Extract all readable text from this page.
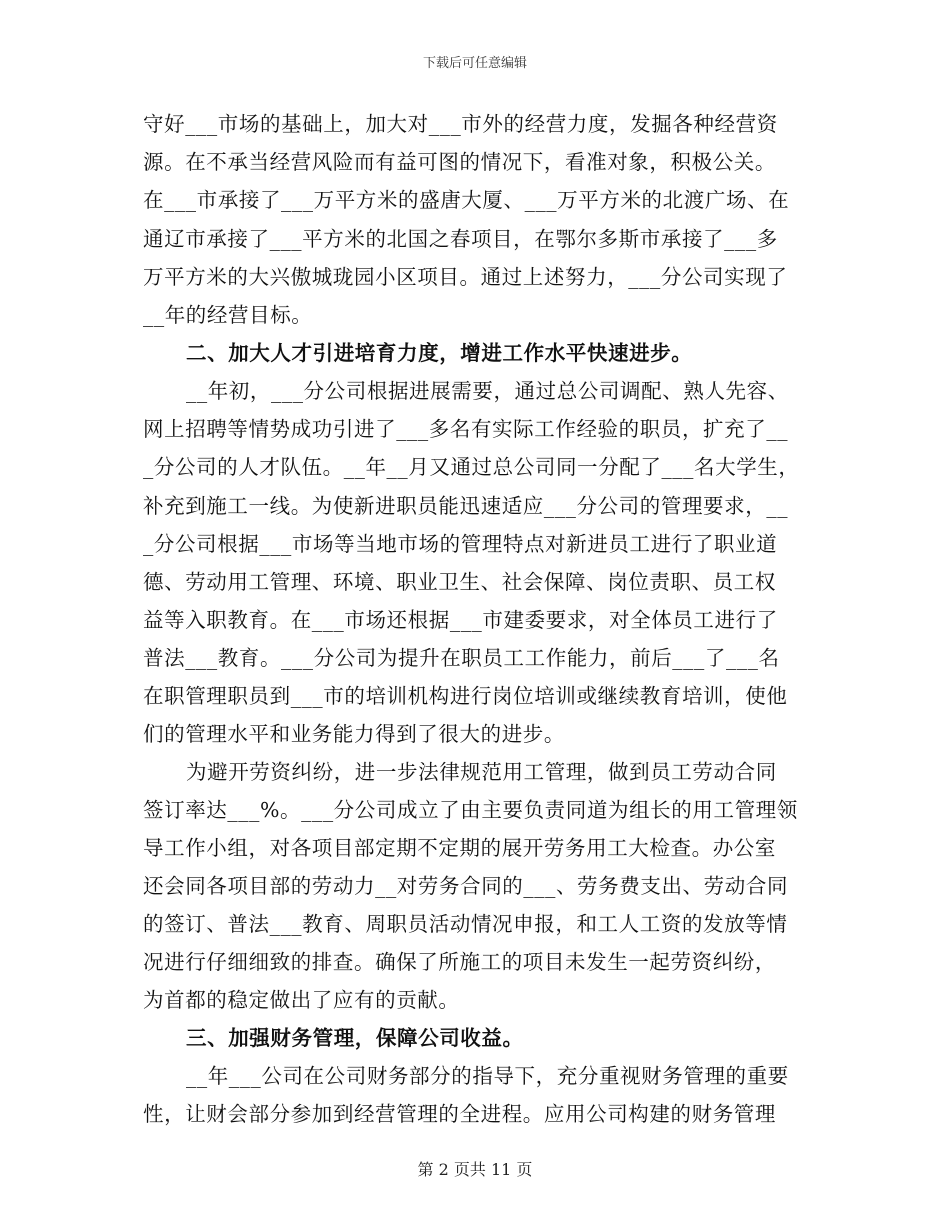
下载后可任意编辑
守好___市场的基础上，加大对___市外的经营力度，发掘各种经营资
源。在不承当经营风险而有益可图的情况下，看准对象，积极公关。
在___市承接了___万平方米的盛唐大厦、___万平方米的北渡广场、在
通辽市承接了___平方米的北国之春项目，在鄂尔多斯市承接了___多
万平方米的大兴傲城珑园小区项目。通过上述努力，___分公司实现了
__年的经营目标。
二、加大人才引进培育力度，增进工作水平快速进步。
__年初，___分公司根据进展需要，通过总公司调配、熟人先容、
网上招聘等情势成功引进了___多名有实际工作经验的职员，扩充了__
_分公司的人才队伍。__年__月又通过总公司同一分配了___名大学生，
补充到施工一线。为使新进职员能迅速适应___分公司的管理要求，__
_分公司根据___市场等当地市场的管理特点对新进员工进行了职业道
德、劳动用工管理、环境、职业卫生、社会保障、岗位责职、员工权
益等入职教育。在___市场还根据___市建委要求，对全体员工进行了
普法___教育。___分公司为提升在职员工工作能力，前后___了___名
在职管理职员到___市的培训机构进行岗位培训或继续教育培训，使他
们的管理水平和业务能力得到了很大的进步。
为避开劳资纠纷，进一步法律规范用工管理，做到员工劳动合同
签订率达___%。___分公司成立了由主要负责同道为组长的用工管理领
导工作小组，对各项目部定期不定期的展开劳务用工大检查。办公室
还会同各项目部的劳动力__对劳务合同的___、劳务费支出、劳动合同
的签订、普法___教育、周职员活动情况申报，和工人工资的发放等情
况进行仔细细致的排查。确保了所施工的项目未发生一起劳资纠纷，
为首都的稳定做出了应有的贡献。
三、加强财务管理，保障公司收益。
__年___公司在公司财务部分的指导下，充分重视财务管理的重要
性，让财会部分参加到经营管理的全进程。应用公司构建的财务管理
第 2 页共 11 页
